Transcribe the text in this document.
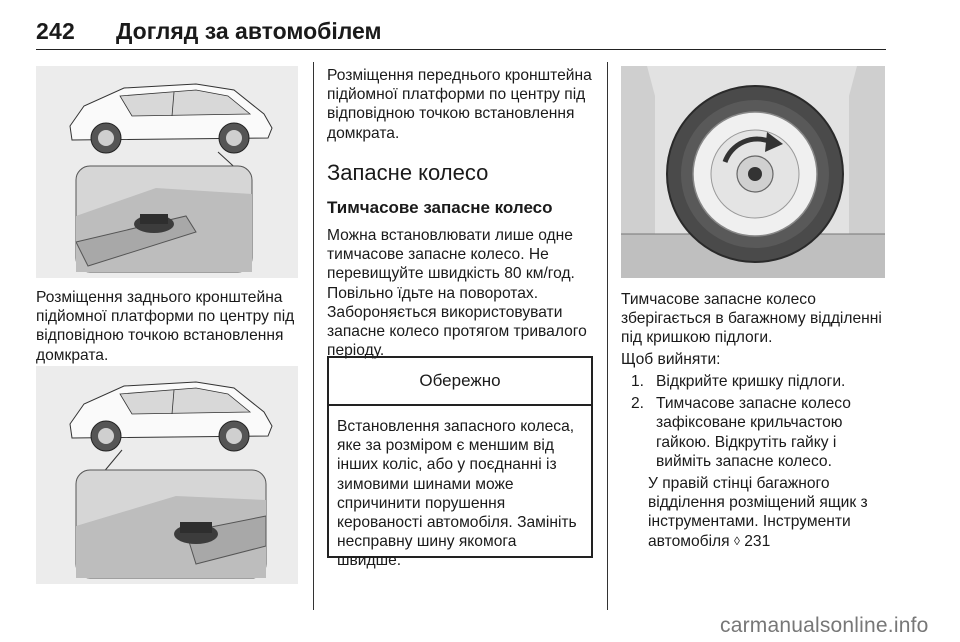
242 Догляд за автомобілем
Розміщення заднього кронштейна підйомної платформи по центру під відповідною точкою встановлення домкрата.
Розміщення переднього кронштейна підйомної платформи по центру під відповідною точкою встановлення домкрата.
Запасне колесо
Тимчасове запасне колесо
Можна встановлювати лише одне тимчасове запасне колесо. Не перевищуйте швидкість 80 км/год. Повільно їдьте на поворотах. Забороняється використовувати запасне колесо протягом тривалого періоду.
Обережно
Встановлення запасного колеса, яке за розміром є меншим від інших коліс, або у поєднанні із зимовими шинами може спричинити порушення керованості автомобіля. Замініть несправну шину якомога швидше.
Тимчасове запасне колесо зберігається в багажному відділенні під кришкою підлоги.
Щоб вийняти:
1. Відкрийте кришку підлоги.
2. Тимчасове запасне колесо зафіксоване крильчастою гайкою. Відкрутіть гайку і вийміть запасне колесо.
У правій стінці багажного відділення розміщений ящик з інструментами. Інструменти автомобіля ◊ 231
carmanualsonline.info
